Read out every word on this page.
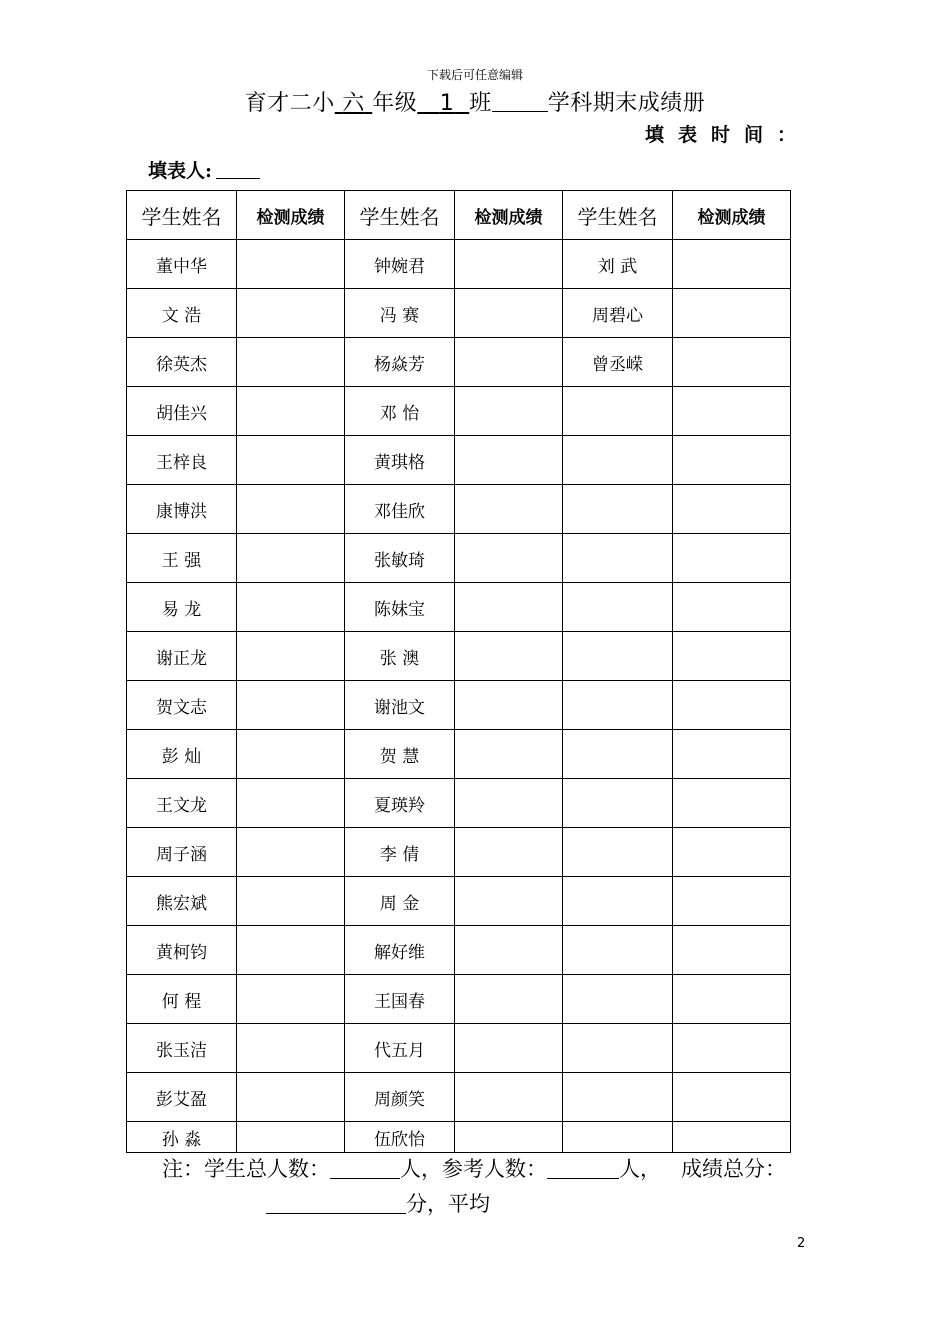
下载后可任意编辑
育才二小 六 年级 1 班	学科期末成绩册
填表时间：
填表人:
学生姓名	检测成绩	学生姓名	检测成绩	学生姓名	检测成绩
董中华		钟婉君		刘 武	
文 浩		冯 赛		周碧心	
徐英杰		杨焱芳		曾丞嵘	
胡佳兴		邓 怡			
王梓良		黄琪格			
康博洪		邓佳欣			
王 强		张敏琦			
易 龙		陈妹宝			
谢正龙		张 澳			
贺文志		谢池文			
彭 灿		贺 慧			
王文龙		夏瑛羚			
周子涵		李 倩			
熊宏斌		周 金			
黄柯钧		解好维			
何 程		王国春			
张玉洁		代五月			
彭艾盈		周颜笑			
孙 淼		伍欣怡			
注：学生总人数：	人，参考人数：	人， 成绩总分：
分，平均
2
